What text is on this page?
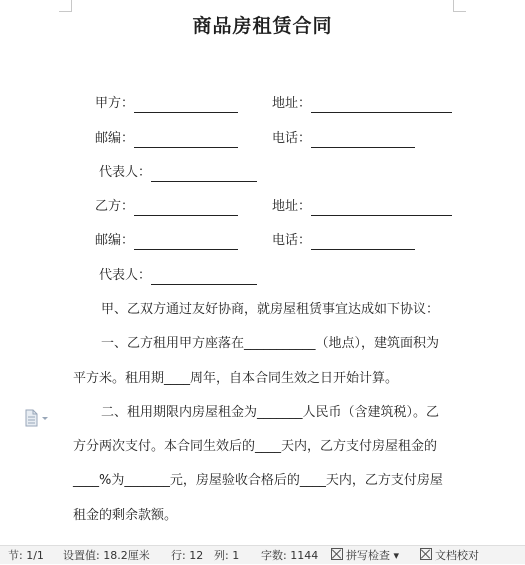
商品房租赁合同
甲方：	地址：
邮编：	电话：
代表人：
乙方：	地址：
邮编：	电话：
代表人：
甲、乙双方通过友好协商，就房屋租赁事宜达成如下协议：
一、乙方租用甲方座落在___________（地点），建筑面积为
平方米。租用期____周年，自本合同生效之日开始计算。
二、租用期限内房屋租金为_______人民币（含建筑税）。乙
方分两次支付。本合同生效后的____天内，乙方支付房屋租金的
____%为_______元，房屋验收合格后的____天内，乙方支付房屋
租金的剩余款额。
节: 1/1 设置值: 18.2厘米 行: 12 列: 1 字数: 1144	拼写检查 ▾	文档校对
